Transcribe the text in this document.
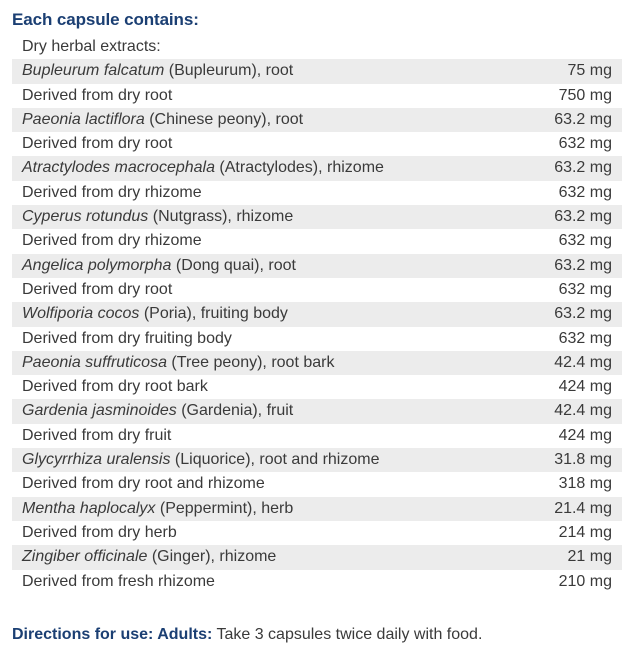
Each capsule contains:
Dry herbal extracts:
Bupleurum falcatum (Bupleurum), root	75 mg
Derived from dry root	750 mg
Paeonia lactiflora (Chinese peony), root	63.2 mg
Derived from dry root	632 mg
Atractylodes macrocephala (Atractylodes), rhizome	63.2 mg
Derived from dry rhizome	632 mg
Cyperus rotundus (Nutgrass), rhizome	63.2 mg
Derived from dry rhizome	632 mg
Angelica polymorpha (Dong quai), root	63.2 mg
Derived from dry root	632 mg
Wolfiporia cocos (Poria), fruiting body	63.2 mg
Derived from dry fruiting body	632 mg
Paeonia suffruticosa (Tree peony), root bark	42.4 mg
Derived from dry root bark	424 mg
Gardenia jasminoides (Gardenia), fruit	42.4 mg
Derived from dry fruit	424 mg
Glycyrrhiza uralensis (Liquorice), root and rhizome	31.8 mg
Derived from dry root and rhizome	318 mg
Mentha haplocalyx (Peppermint), herb	21.4 mg
Derived from dry herb	214 mg
Zingiber officinale (Ginger), rhizome	21 mg
Derived from fresh rhizome	210 mg
Directions for use: Adults: Take 3 capsules twice daily with food.
